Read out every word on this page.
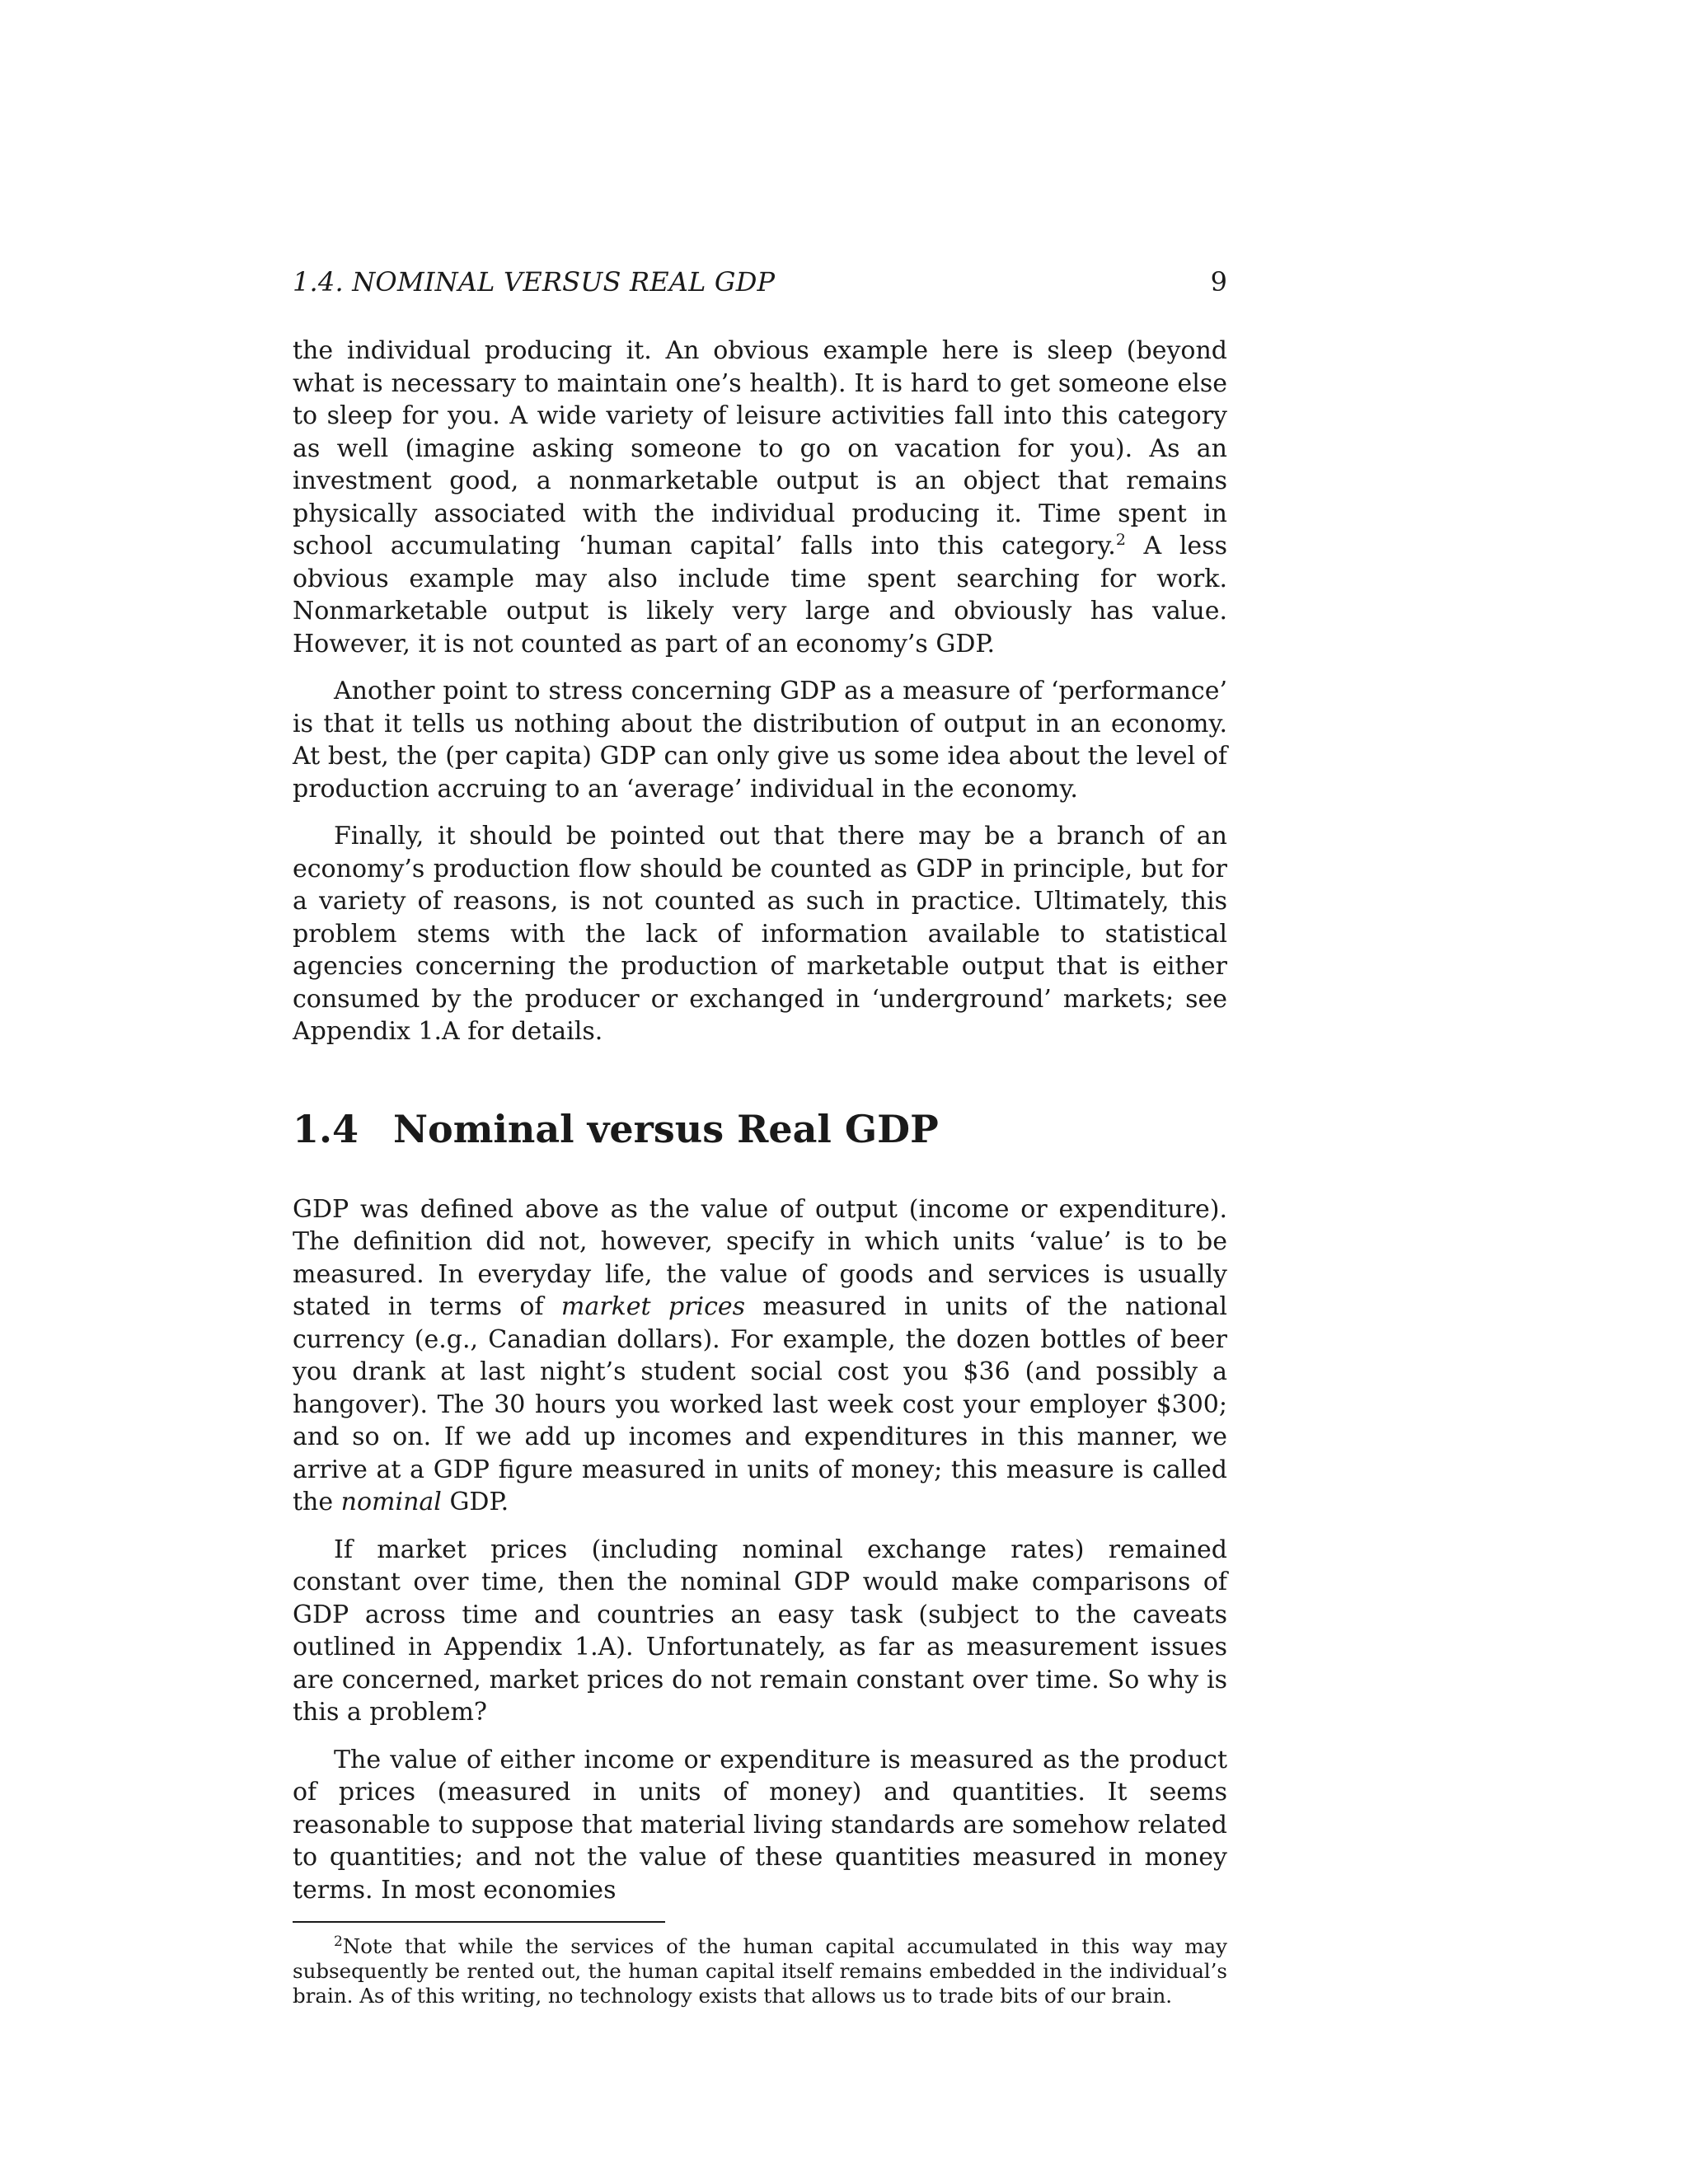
1.4. NOMINAL VERSUS REAL GDP	9

the individual producing it. An obvious example here is sleep (beyond what is necessary to maintain one’s health). It is hard to get someone else to sleep for you. A wide variety of leisure activities fall into this category as well (imagine asking someone to go on vacation for you). As an investment good, a nonmarketable output is an object that remains physically associated with the individual producing it. Time spent in school accumulating ‘human capital’ falls into this category.$^2$ A less obvious example may also include time spent searching for work. Nonmarketable output is likely very large and obviously has value. However, it is not counted as part of an economy’s GDP.

Another point to stress concerning GDP as a measure of ‘performance’ is that it tells us nothing about the distribution of output in an economy. At best, the (per capita) GDP can only give us some idea about the level of production accruing to an ‘average’ individual in the economy.

Finally, it should be pointed out that there may be a branch of an economy’s production flow should be counted as GDP in principle, but for a variety of reasons, is not counted as such in practice. Ultimately, this problem stems with the lack of information available to statistical agencies concerning the production of marketable output that is either consumed by the producer or exchanged in ‘underground’ markets; see Appendix 1.A for details.

1.4 Nominal versus Real GDP

GDP was defined above as the value of output (income or expenditure). The definition did not, however, specify in which units ‘value’ is to be measured. In everyday life, the value of goods and services is usually stated in terms of market prices measured in units of the national currency (e.g., Canadian dollars). For example, the dozen bottles of beer you drank at last night’s student social cost you $36 (and possibly a hangover). The 30 hours you worked last week cost your employer $300; and so on. If we add up incomes and expenditures in this manner, we arrive at a GDP figure measured in units of money; this measure is called the nominal GDP.

If market prices (including nominal exchange rates) remained constant over time, then the nominal GDP would make comparisons of GDP across time and countries an easy task (subject to the caveats outlined in Appendix 1.A). Unfortunately, as far as measurement issues are concerned, market prices do not remain constant over time. So why is this a problem?

The value of either income or expenditure is measured as the product of prices (measured in units of money) and quantities. It seems reasonable to suppose that material living standards are somehow related to quantities; and not the value of these quantities measured in money terms. In most economies

$^2$Note that while the services of the human capital accumulated in this way may subsequently be rented out, the human capital itself remains embedded in the individual’s brain. As of this writing, no technology exists that allows us to trade bits of our brain.
